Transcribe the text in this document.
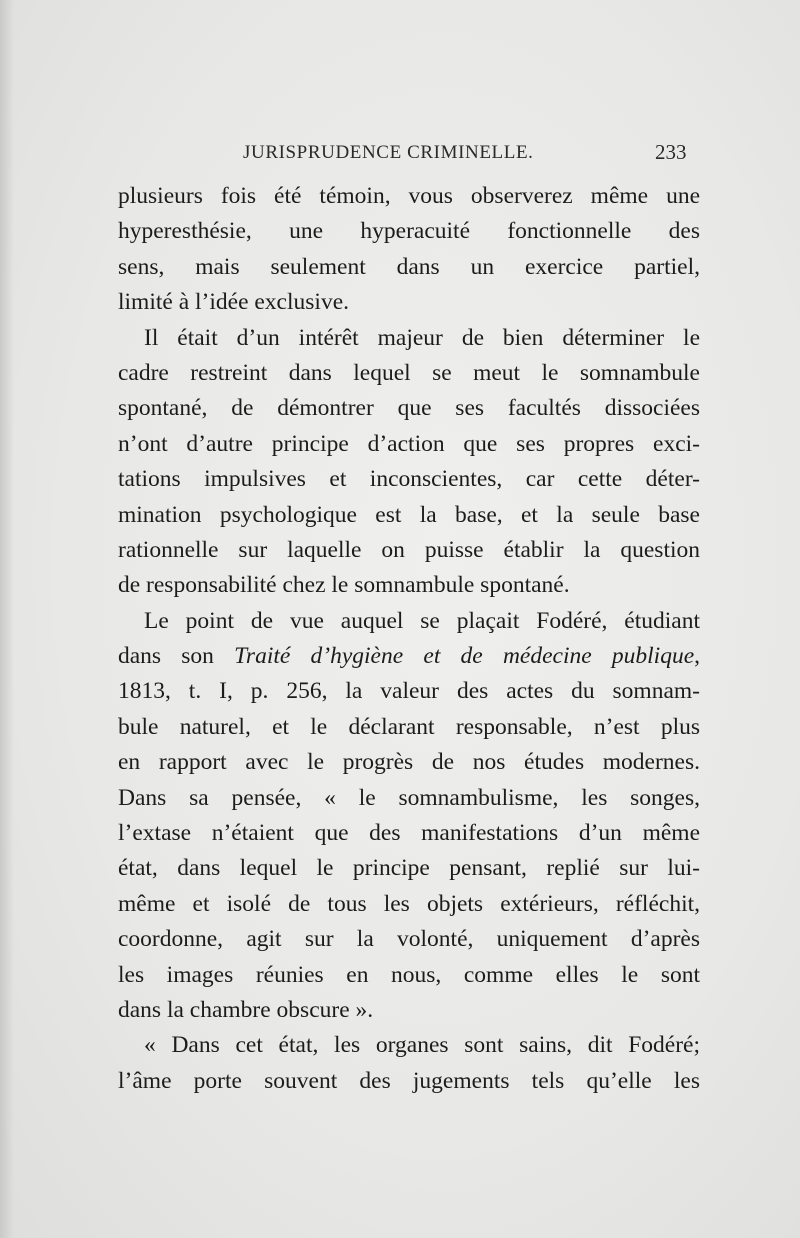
JURISPRUDENCE CRIMINELLE.	233
plusieurs fois été témoin, vous observerez même une
hyperesthésie, une hyperacuité fonctionnelle des
sens, mais seulement dans un exercice partiel,
limité à l’idée exclusive.
Il était d’un intérêt majeur de bien déterminer le
cadre restreint dans lequel se meut le somnambule
spontané, de démontrer que ses facultés dissociées
n’ont d’autre principe d’action que ses propres exci-
tations impulsives et inconscientes, car cette déter-
mination psychologique est la base, et la seule base
rationnelle sur laquelle on puisse établir la question
de responsabilité chez le somnambule spontané.
Le point de vue auquel se plaçait Fodéré, étudiant
dans son Traité d’hygiène et de médecine publique,
1813, t. I, p. 256, la valeur des actes du somnam-
bule naturel, et le déclarant responsable, n’est plus
en rapport avec le progrès de nos études modernes.
Dans sa pensée, « le somnambulisme, les songes,
l’extase n’étaient que des manifestations d’un même
état, dans lequel le principe pensant, replié sur lui-
même et isolé de tous les objets extérieurs, réfléchit,
coordonne, agit sur la volonté, uniquement d’après
les images réunies en nous, comme elles le sont
dans la chambre obscure ».
« Dans cet état, les organes sont sains, dit Fodéré;
l’âme porte souvent des jugements tels qu’elle les
